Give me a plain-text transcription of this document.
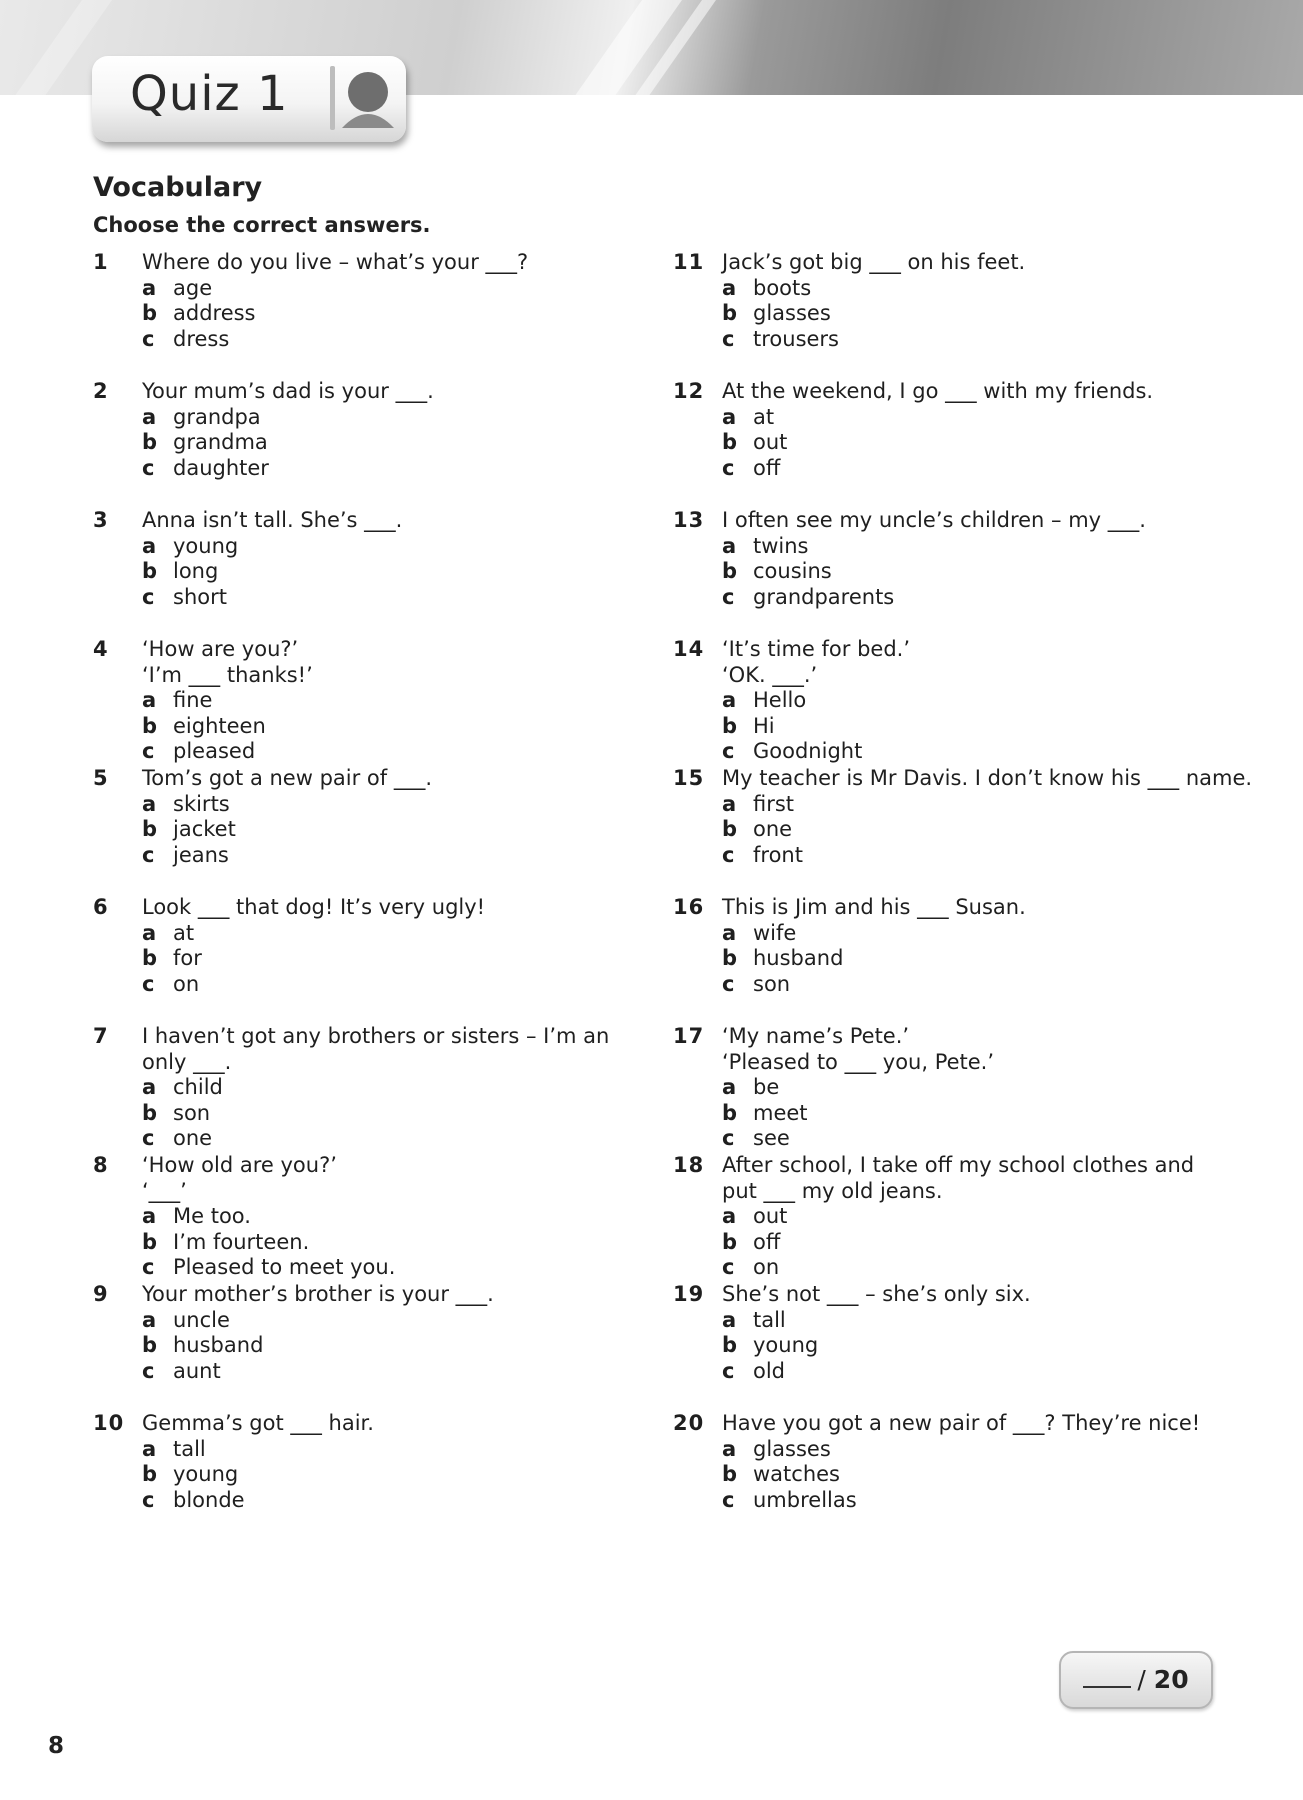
Quiz 1
Vocabulary
Choose the correct answers.
1	Where do you live – what’s your ___?
a age
b address
c dress
2	Your mum’s dad is your ___.
a grandpa
b grandma
c daughter
3	Anna isn’t tall. She’s ___.
a young
b long
c short
4	‘How are you?’
‘I’m ___ thanks!’
a fine
b eighteen
c pleased
5	Tom’s got a new pair of ___.
a skirts
b jacket
c jeans
6	Look ___ that dog! It’s very ugly!
a at
b for
c on
7	I haven’t got any brothers or sisters – I’m an
only ___.
a child
b son
c one
8	‘How old are you?’
‘___’
a Me too.
b I’m fourteen.
c Pleased to meet you.
9	Your mother’s brother is your ___.
a uncle
b husband
c aunt
10 Gemma’s got ___ hair.
a tall
b young
c blonde
11 Jack’s got big ___ on his feet.
a boots
b glasses
c trousers
12 At the weekend, I go ___ with my friends.
a at
b out
c off
13 I often see my uncle’s children – my ___.
a twins
b cousins
c grandparents
14 ‘It’s time for bed.’
‘OK. ___.’
a Hello
b Hi
c Goodnight
15 My teacher is Mr Davis. I don’t know his ___ name.
a first
b one
c front
16 This is Jim and his ___ Susan.
a wife
b husband
c son
17 ‘My name’s Pete.’
‘Pleased to ___ you, Pete.’
a be
b meet
c see
18 After school, I take off my school clothes and
put ___ my old jeans.
a out
b off
c on
19 She’s not ___ – she’s only six.
a tall
b young
c old
20 Have you got a new pair of ___? They’re nice!
a glasses
b watches
c umbrellas
/ 20
8
